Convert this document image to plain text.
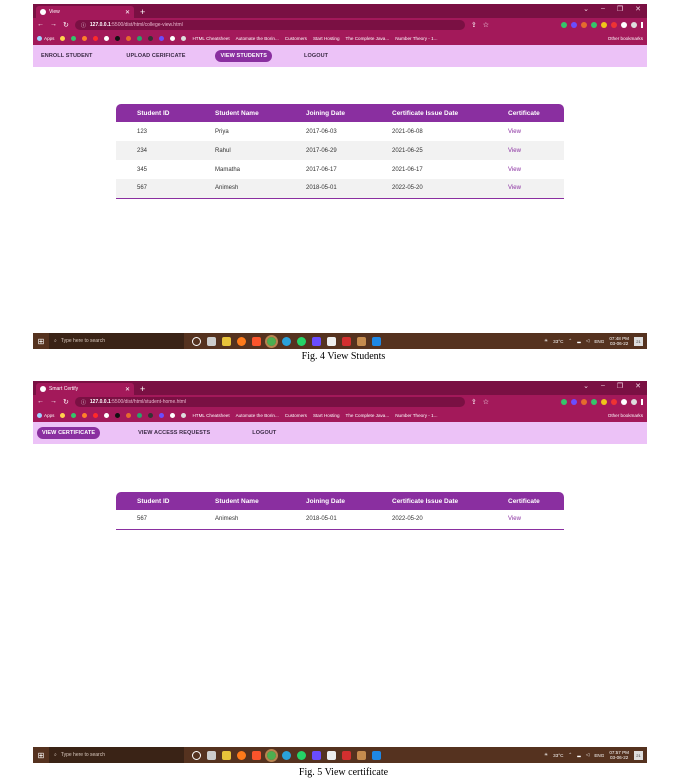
View	✕ +	⌄ – ❐ ✕
← → ↻ ⓘ 127.0.0.1:5500/dist/html/college-view.html	⇪ ☆
Apps	HTML Cheatsheet Automate the Borin... Customers Start Hosting The Complete Java... Number Theory - 1...	Other bookmarks
ENROLL STUDENT	UPLOAD CERIFICATE	VIEW STUDENTS	LOGOUT
Student ID	Student Name	Joining Date	Certificate Issue Date	Certificate
123	Priya	2017-06-03	2021-06-08	View
234	Rahul	2017-06-29	2021-06-25	View
345	Mamatha	2017-06-17	2021-06-17	View
567	Animesh	2018-05-01	2022-05-20	View
⊞	⌕ Type here to search	☀ 33°C ⌃ ▂ ◁ ENG 07:48 PM
03-06-22	21
Fig. 4 View Students
Smart Certify	✕ +	⌄ – ❐ ✕
← → ↻ ⓘ 127.0.0.1:5500/dist/html/student-home.html	⇪ ☆
Apps	HTML Cheatsheet Automate the Borin... Customers Start Hosting The Complete Java... Number Theory - 1...	Other bookmarks
VIEW CERTIFICATE	VIEW ACCESS REQUESTS	LOGOUT
Student ID	Student Name	Joining Date	Certificate Issue Date	Certificate
567	Animesh	2018-05-01	2022-05-20	View
⊞	⌕ Type here to search	☀ 33°C ⌃ ▂ ◁ ENG 07:57 PM
03-06-22	21
Fig. 5 View certificate
